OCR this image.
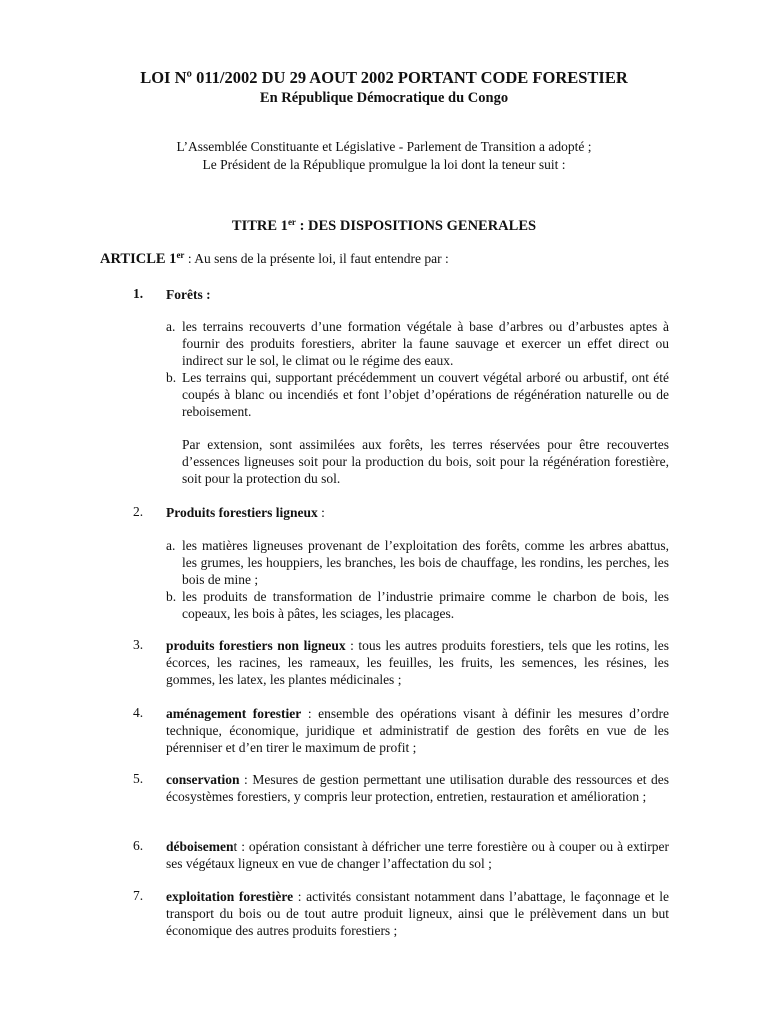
LOI Nº 011/2002 DU 29 AOUT 2002 PORTANT CODE FORESTIER
En République Démocratique du Congo
L’Assemblée Constituante et Législative - Parlement de Transition a adopté ;
Le Président de la République promulgue la loi dont la teneur suit :
TITRE 1er : DES DISPOSITIONS GENERALES
ARTICLE 1er : Au sens de la présente loi, il faut entendre par :
1. Forêts :
a. les terrains recouverts d’une formation végétale à base d’arbres ou d’arbustes aptes à fournir des produits forestiers, abriter la faune sauvage et exercer un effet direct ou indirect sur le sol, le climat ou le régime des eaux.
b. Les terrains qui, supportant précédemment un couvert végétal arboré ou arbustif, ont été coupés à blanc ou incendiés et font l’objet d’opérations de régénération naturelle ou de reboisement.
Par extension, sont assimilées aux forêts, les terres réservées pour être recouvertes d’essences ligneuses soit pour la production du bois, soit pour la régénération forestière, soit pour la protection du sol.
2. Produits forestiers ligneux :
a. les matières ligneuses provenant de l’exploitation des forêts, comme les arbres abattus, les grumes, les houppiers, les branches, les bois de chauffage, les rondins, les perches, les bois de mine ;
b. les produits de transformation de l’industrie primaire comme le charbon de bois, les copeaux, les bois à pâtes, les sciages, les placages.
3. produits forestiers non ligneux : tous les autres produits forestiers, tels que les rotins, les écorces, les racines, les rameaux, les feuilles, les fruits, les semences, les résines, les gommes, les latex, les plantes médicinales ;
4. aménagement forestier : ensemble des opérations visant à définir les mesures d’ordre technique, économique, juridique et administratif de gestion des forêts en vue de les pérenniser et d’en tirer le maximum de profit ;
5. conservation : Mesures de gestion permettant une utilisation durable des ressources et des écosystèmes forestiers, y compris leur protection, entretien, restauration et amélioration ;
6. déboisement : opération consistant à défricher une terre forestière ou à couper ou à extirper ses végétaux ligneux en vue de changer l’affectation du sol ;
7. exploitation forestière : activités consistant notamment dans l’abattage, le façonnage et le transport du bois ou de tout autre produit ligneux, ainsi que le prélèvement dans un but économique des autres produits forestiers ;
